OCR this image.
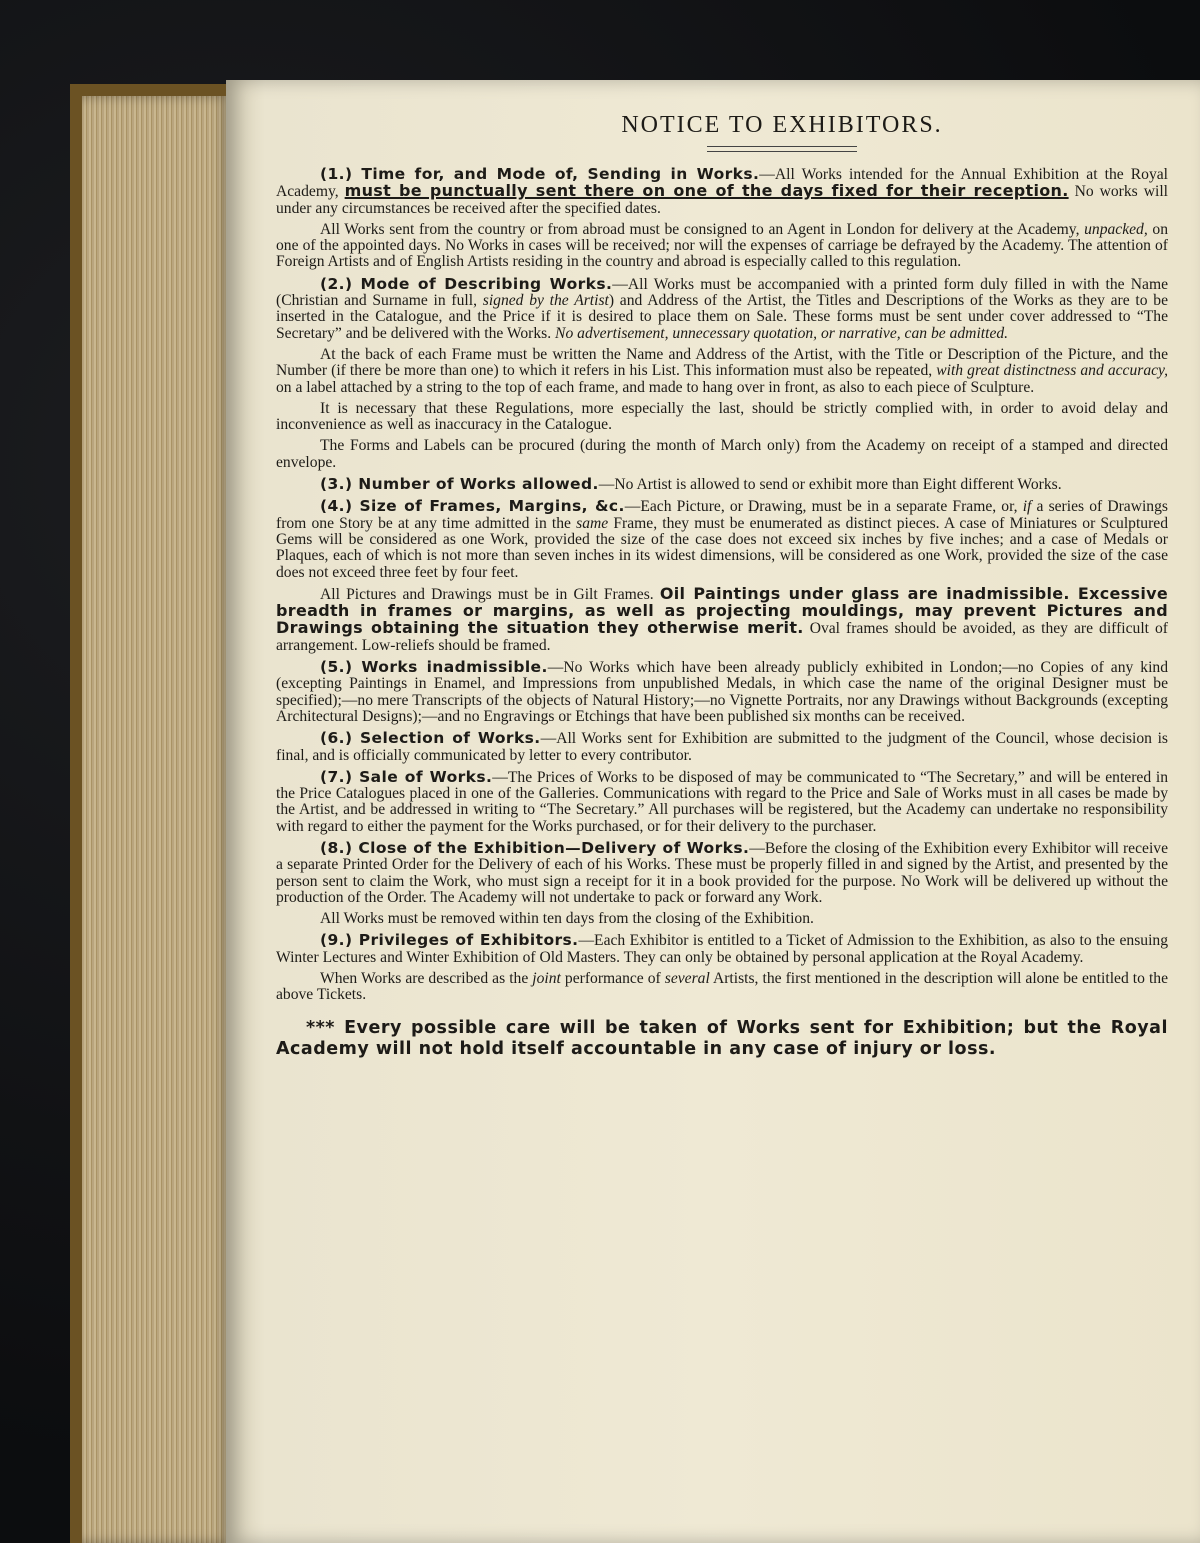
NOTICE TO EXHIBITORS.

(1.) Time for, and Mode of, Sending in Works.—All Works intended for the Annual Exhibition at the Royal Academy, must be punctually sent there on one of the days fixed for their reception. No works will under any circumstances be received after the specified dates.

All Works sent from the country or from abroad must be consigned to an Agent in London for delivery at the Academy, unpacked, on one of the appointed days. No Works in cases will be received; nor will the expenses of carriage be defrayed by the Academy. The attention of Foreign Artists and of English Artists residing in the country and abroad is especially called to this regulation.

(2.) Mode of Describing Works.—All Works must be accompanied with a printed form duly filled in with the Name (Christian and Surname in full, signed by the Artist) and Address of the Artist, the Titles and Descriptions of the Works as they are to be inserted in the Catalogue, and the Price if it is desired to place them on Sale. These forms must be sent under cover addressed to “The Secretary” and be delivered with the Works. No advertisement, unnecessary quotation, or narrative, can be admitted.

At the back of each Frame must be written the Name and Address of the Artist, with the Title or Description of the Picture, and the Number (if there be more than one) to which it refers in his List. This information must also be repeated, with great distinctness and accuracy, on a label attached by a string to the top of each frame, and made to hang over in front, as also to each piece of Sculpture.

It is necessary that these Regulations, more especially the last, should be strictly complied with, in order to avoid delay and inconvenience as well as inaccuracy in the Catalogue.

The Forms and Labels can be procured (during the month of March only) from the Academy on receipt of a stamped and directed envelope.

(3.) Number of Works allowed.—No Artist is allowed to send or exhibit more than Eight different Works.

(4.) Size of Frames, Margins, &c.—Each Picture, or Drawing, must be in a separate Frame, or, if a series of Drawings from one Story be at any time admitted in the same Frame, they must be enumerated as distinct pieces. A case of Miniatures or Sculptured Gems will be considered as one Work, provided the size of the case does not exceed six inches by five inches; and a case of Medals or Plaques, each of which is not more than seven inches in its widest dimensions, will be considered as one Work, provided the size of the case does not exceed three feet by four feet.

All Pictures and Drawings must be in Gilt Frames. Oil Paintings under glass are inadmissible. Excessive breadth in frames or margins, as well as projecting mouldings, may prevent Pictures and Drawings obtaining the situation they otherwise merit. Oval frames should be avoided, as they are difficult of arrangement. Low-reliefs should be framed.

(5.) Works inadmissible.—No Works which have been already publicly exhibited in London;—no Copies of any kind (excepting Paintings in Enamel, and Impressions from unpublished Medals, in which case the name of the original Designer must be specified);—no mere Transcripts of the objects of Natural History;—no Vignette Portraits, nor any Drawings without Backgrounds (excepting Architectural Designs);—and no Engravings or Etchings that have been published six months can be received.

(6.) Selection of Works.—All Works sent for Exhibition are submitted to the judgment of the Council, whose decision is final, and is officially communicated by letter to every contributor.

(7.) Sale of Works.—The Prices of Works to be disposed of may be communicated to “The Secretary,” and will be entered in the Price Catalogues placed in one of the Galleries. Communications with regard to the Price and Sale of Works must in all cases be made by the Artist, and be addressed in writing to “The Secretary.” All purchases will be registered, but the Academy can undertake no responsibility with regard to either the payment for the Works purchased, or for their delivery to the purchaser.

(8.) Close of the Exhibition—Delivery of Works.—Before the closing of the Exhibition every Exhibitor will receive a separate Printed Order for the Delivery of each of his Works. These must be properly filled in and signed by the Artist, and presented by the person sent to claim the Work, who must sign a receipt for it in a book provided for the purpose. No Work will be delivered up without the production of the Order. The Academy will not undertake to pack or forward any Work.

All Works must be removed within ten days from the closing of the Exhibition.

(9.) Privileges of Exhibitors.—Each Exhibitor is entitled to a Ticket of Admission to the Exhibition, as also to the ensuing Winter Lectures and Winter Exhibition of Old Masters. They can only be obtained by personal application at the Royal Academy.

When Works are described as the joint performance of several Artists, the first mentioned in the description will alone be entitled to the above Tickets.

*** Every possible care will be taken of Works sent for Exhibition; but the Royal Academy will not hold itself accountable in any case of injury or loss.
